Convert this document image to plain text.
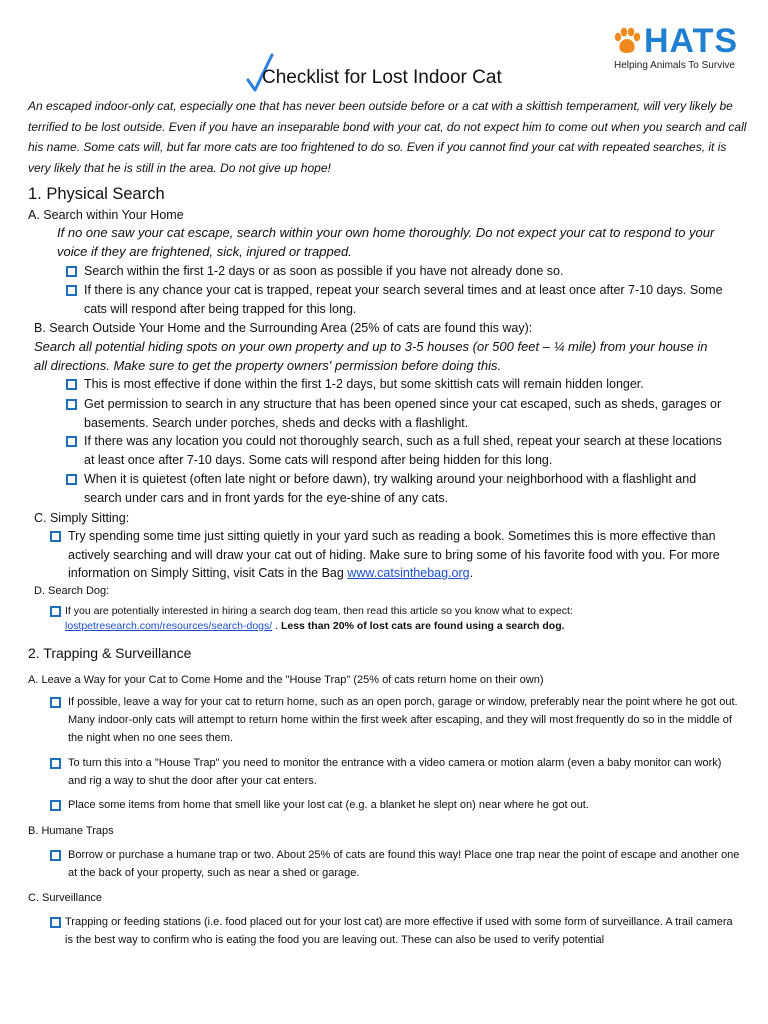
HATS
Helping Animals To Survive
Checklist for Lost Indoor Cat

An escaped indoor-only cat, especially one that has never been outside before or a cat with a skittish temperament, will very likely be terrified to be lost outside. Even if you have an inseparable bond with your cat, do not expect him to come out when you search and call his name. Some cats will, but far more cats are too frightened to do so. Even if you cannot find your cat with repeated searches, it is very likely that he is still in the area. Do not give up hope!

1. Physical Search
A. Search within Your Home

If no one saw your cat escape, search within your own home thoroughly. Do not expect your cat to respond to your voice if they are frightened, sick, injured or trapped.

Search within the first 1-2 days or as soon as possible if you have not already done so.
If there is any chance your cat is trapped, repeat your search several times and at least once after 7-10 days. Some cats will respond after being trapped for this long.
B. Search Outside Your Home and the Surrounding Area (25% of cats are found this way):

Search all potential hiding spots on your own property and up to 3-5 houses (or 500 feet – ¼ mile) from your house in all directions. Make sure to get the property owners' permission before doing this.

This is most effective if done within the first 1-2 days, but some skittish cats will remain hidden longer.
Get permission to search in any structure that has been opened since your cat escaped, such as sheds, garages or basements. Search under porches, sheds and decks with a flashlight.
If there was any location you could not thoroughly search, such as a full shed, repeat your search at these locations at least once after 7-10 days. Some cats will respond after being hidden for this long.
When it is quietest (often late night or before dawn), try walking around your neighborhood with a flashlight and search under cars and in front yards for the eye-shine of any cats.
C. Simply Sitting:
Try spending some time just sitting quietly in your yard such as reading a book. Sometimes this is more effective than actively searching and will draw your cat out of hiding. Make sure to bring some of his favorite food with you. For more information on Simply Sitting, visit Cats in the Bag www.catsinthebag.org.
D. Search Dog:
If you are potentially interested in hiring a search dog team, then read this article so you know what to expect:
lostpetresearch.com/resources/search-dogs/ . Less than 20% of lost cats are found using a search dog.
2. Trapping & Surveillance
A. Leave a Way for your Cat to Come Home and the "House Trap" (25% of cats return home on their own)
If possible, leave a way for your cat to return home, such as an open porch, garage or window, preferably near the point where he got out. Many indoor-only cats will attempt to return home within the first week after escaping, and they will most frequently do so in the middle of the night when no one sees them.
To turn this into a "House Trap" you need to monitor the entrance with a video camera or motion alarm (even a baby monitor can work) and rig a way to shut the door after your cat enters.
Place some items from home that smell like your lost cat (e.g. a blanket he slept on) near where he got out.
B. Humane Traps
Borrow or purchase a humane trap or two. About 25% of cats are found this way! Place one trap near the point of escape and another one at the back of your property, such as near a shed or garage.
C. Surveillance
Trapping or feeding stations (i.e. food placed out for your lost cat) are more effective if used with some form of surveillance. A trail camera is the best way to confirm who is eating the food you are leaving out. These can also be used to verify potential
